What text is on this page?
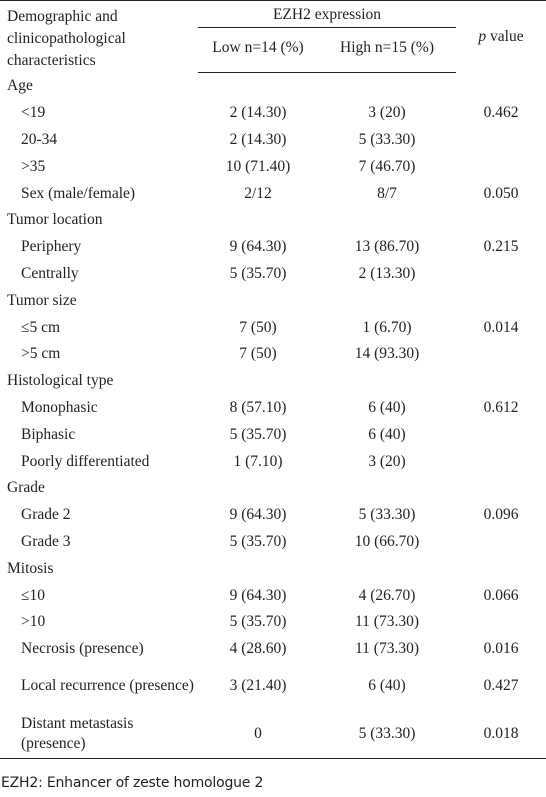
Demographic and clinicopathological characteristics	EZH2 expression		p value
	Low n=14 (%)	High n=15 (%)	
Age			
<19	2 (14.30)	3 (20)	0.462
20-34	2 (14.30)	5 (33.30)	
>35	10 (71.40)	7 (46.70)	
Sex (male/female)	2/12	8/7	0.050
Tumor location			
Periphery	9 (64.30)	13 (86.70)	0.215
Centrally	5 (35.70)	2 (13.30)	
Tumor size			
≤5 cm	7 (50)	1 (6.70)	0.014
>5 cm	7 (50)	14 (93.30)	
Histological type			
Monophasic	8 (57.10)	6 (40)	0.612
Biphasic	5 (35.70)	6 (40)	
Poorly differentiated	1 (7.10)	3 (20)	
Grade			
Grade 2	9 (64.30)	5 (33.30)	0.096
Grade 3	5 (35.70)	10 (66.70)	
Mitosis			
≤10	9 (64.30)	4 (26.70)	0.066
>10	5 (35.70)	11 (73.30)	
Necrosis (presence)	4 (28.60)	11 (73.30)	0.016
Local recurrence (presence)	3 (21.40)	6 (40)	0.427
Distant metastasis (presence)	0	5 (33.30)	0.018
EZH2: Enhancer of zeste homologue 2
